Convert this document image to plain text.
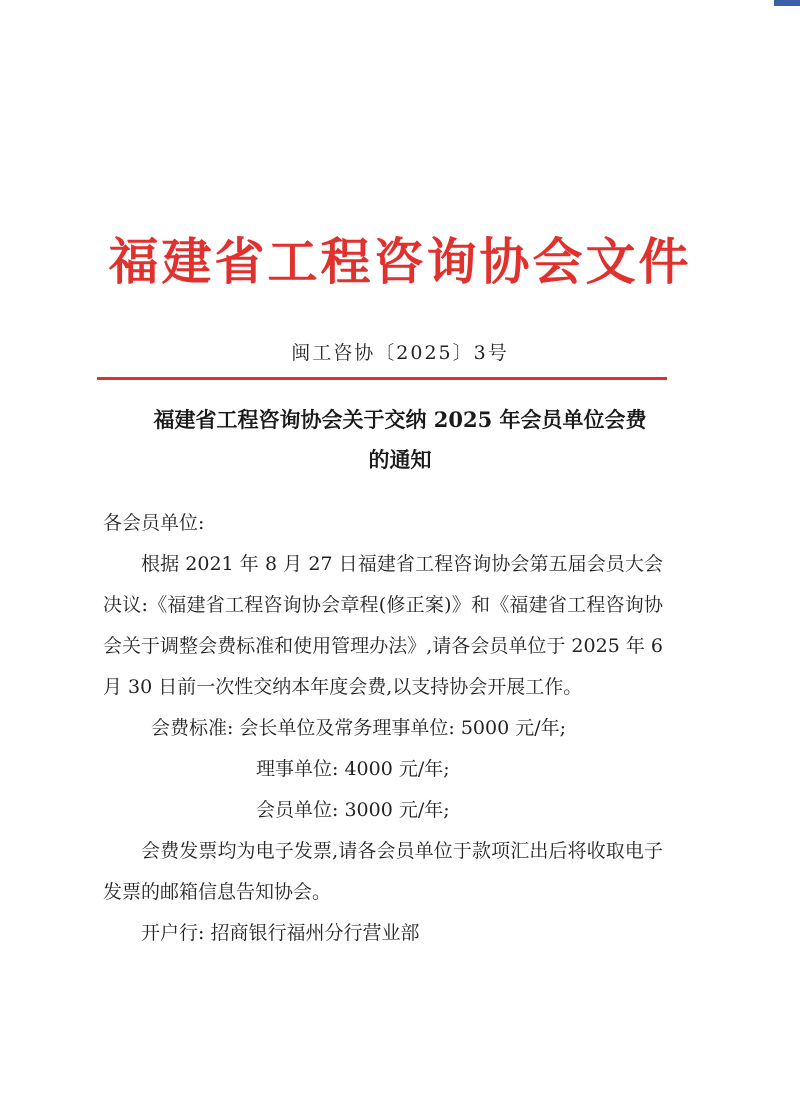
福建省工程咨询协会文件
闽工咨协〔2025〕3号
福建省工程咨询协会关于交纳 2025 年会员单位会费
的通知

各会员单位:

根据 2021 年 8 月 27 日福建省工程咨询协会第五届会员大会决议:《福建省工程咨询协会章程(修正案)》和《福建省工程咨询协会关于调整会费标准和使用管理办法》,请各会员单位于 2025 年 6 月 30 日前一次性交纳本年度会费,以支持协会开展工作。

会费标准: 会长单位及常务理事单位: 5000 元/年;

理事单位: 4000 元/年;

会员单位: 3000 元/年;

会费发票均为电子发票,请各会员单位于款项汇出后将收取电子发票的邮箱信息告知协会。

开户行: 招商银行福州分行营业部
